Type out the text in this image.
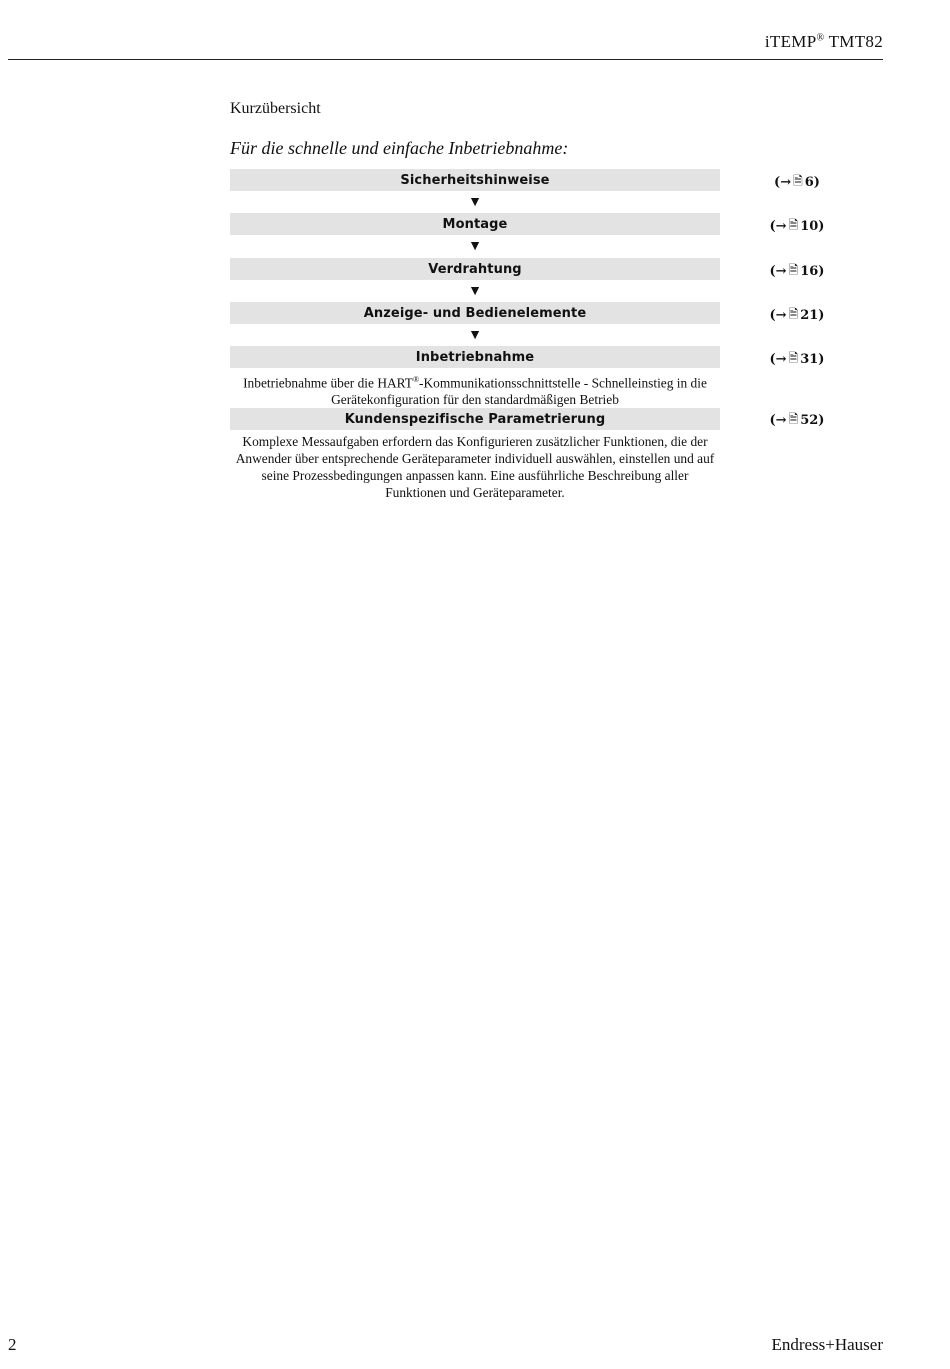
iTEMP® TMT82
Kurzübersicht
Für die schnelle und einfache Inbetriebnahme:
Sicherheitshinweise	(→ 🗎 6)
▼
Montage	(→ 🗎 10)
▼
Verdrahtung	(→ 🗎 16)
▼
Anzeige- und Bedienelemente	(→ 🗎 21)
▼
Inbetriebnahme	(→ 🗎 31)
Inbetriebnahme über die HART®-Kommunikationsschnittstelle - Schnelleinstieg in die Gerätekonfiguration für den standardmäßigen Betrieb
Kundenspezifische Parametrierung	(→ 🗎 52)
Komplexe Messaufgaben erfordern das Konfigurieren zusätzlicher Funktionen, die der Anwender über entsprechende Geräteparameter individuell auswählen, einstellen und auf seine Prozessbedingungen anpassen kann. Eine ausführliche Beschreibung aller Funktionen und Geräteparameter.
2	Endress+Hauser
